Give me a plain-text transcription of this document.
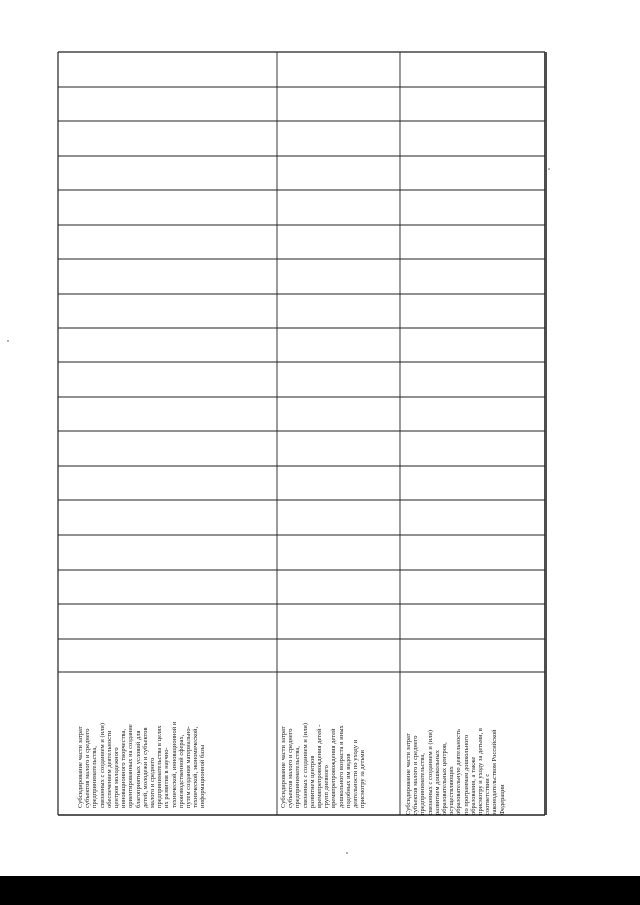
Субсидирование части затрат
субъектов малого и среднего
предпринимательства,
связанных с созданием и (или)
обеспечением деятельности
центров молодежного
инновационного творчества,
ориентированных на создание
благоприятных условий для
детей, молодежи и субъектов
малого и среднего
предпринимательства в целях
их развития в научно-
технической, инновационной и
производственной сферах,
путем создания материально-
технической, экономической,
информационной базы
Субсидирование части затрат
субъектов малого и среднего
предпринимательства,
связанных с созданием и (или)
развитием центров
времяпрепровождения детей -
групп дневного
времяпрепровождения детей
дошкольного возраста и иных
подобных им видов
деятельности по уходу и
присмотру за детьми
Субсидирование части затрат
субъектов малого и среднего
предпринимательства,
связанных с созданием и (или)
развитием дошкольных
образовательных центров,
осуществляющих
образовательную деятельность
по программам дошкольного
образования, а также
присмотру и уходу за детьми, в
соответствии с
законодательством Российской
Федерации
